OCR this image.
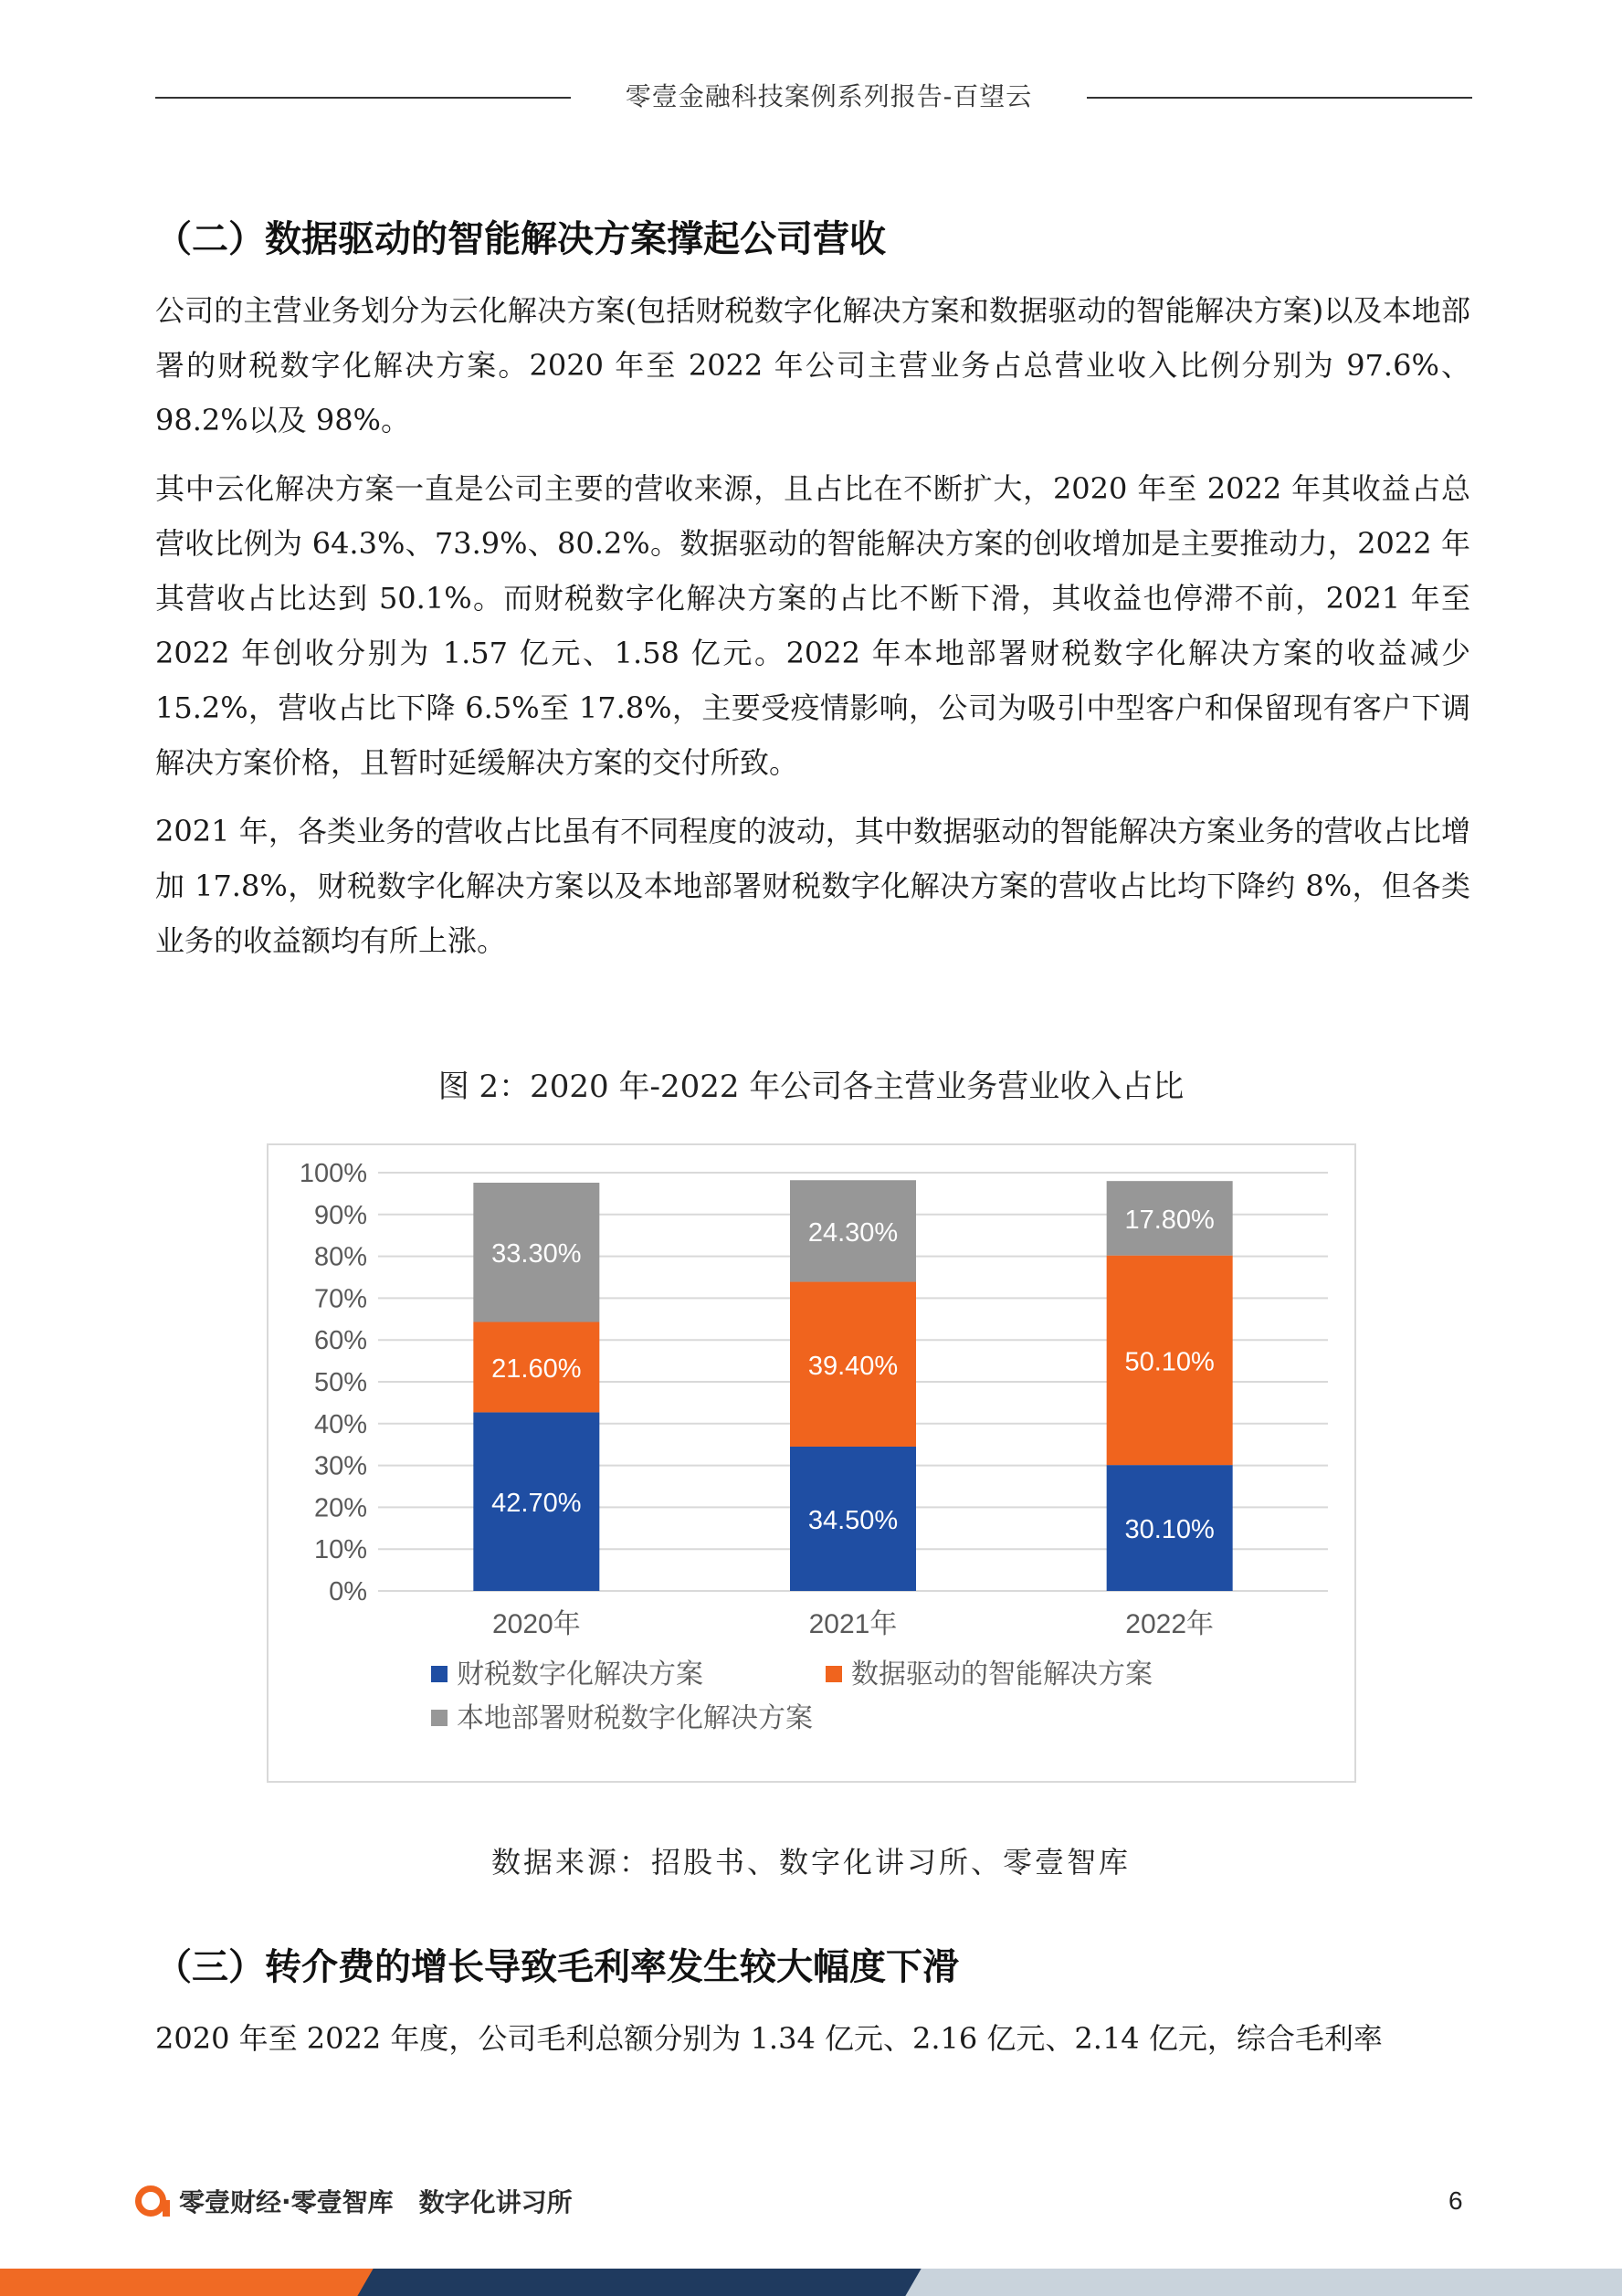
零壹金融科技案例系列报告-百望云
（二）数据驱动的智能解决方案撑起公司营收

公司的主营业务划分为云化解决方案(包括财税数字化解决方案和数据驱动的智能解决方案)以及本地部署的财税数字化解决方案。2020 年至 2022 年公司主营业务占总营业收入比例分别为 97.6%、98.2%以及 98%。

其中云化解决方案一直是公司主要的营收来源，且占比在不断扩大，2020 年至 2022 年其收益占总营收比例为 64.3%、73.9%、80.2%。数据驱动的智能解决方案的创收增加是主要推动力，2022 年其营收占比达到 50.1%。而财税数字化解决方案的占比不断下滑，其收益也停滞不前，2021 年至 2022 年创收分别为 1.57 亿元、1.58 亿元。2022 年本地部署财税数字化解决方案的收益减少 15.2%，营收占比下降 6.5%至 17.8%，主要受疫情影响，公司为吸引中型客户和保留现有客户下调解决方案价格，且暂时延缓解决方案的交付所致。

2021 年，各类业务的营收占比虽有不同程度的波动，其中数据驱动的智能解决方案业务的营收占比增加 17.8%，财税数字化解决方案以及本地部署财税数字化解决方案的营收占比均下降约 8%，但各类业务的收益额均有所上涨。

图 2：2020 年-2022 年公司各主营业务营业收入占比
0%
10%
20%
30%
40%
50%
60%
70%
80%
90%
100%
42.70%
21.60%
33.30%
2020年
34.50%
39.40%
24.30%
2021年
30.10%
50.10%
17.80%
2022年
财税数字化解决方案	数据驱动的智能解决方案
本地部署财税数字化解决方案
数据来源：招股书、数字化讲习所、零壹智库
（三）转介费的增长导致毛利率发生较大幅度下滑

2020 年至 2022 年度，公司毛利总额分别为 1.34 亿元、2.16 亿元、2.14 亿元，综合毛利率

零壹财经 · 零壹智库 数字化讲习所	6
